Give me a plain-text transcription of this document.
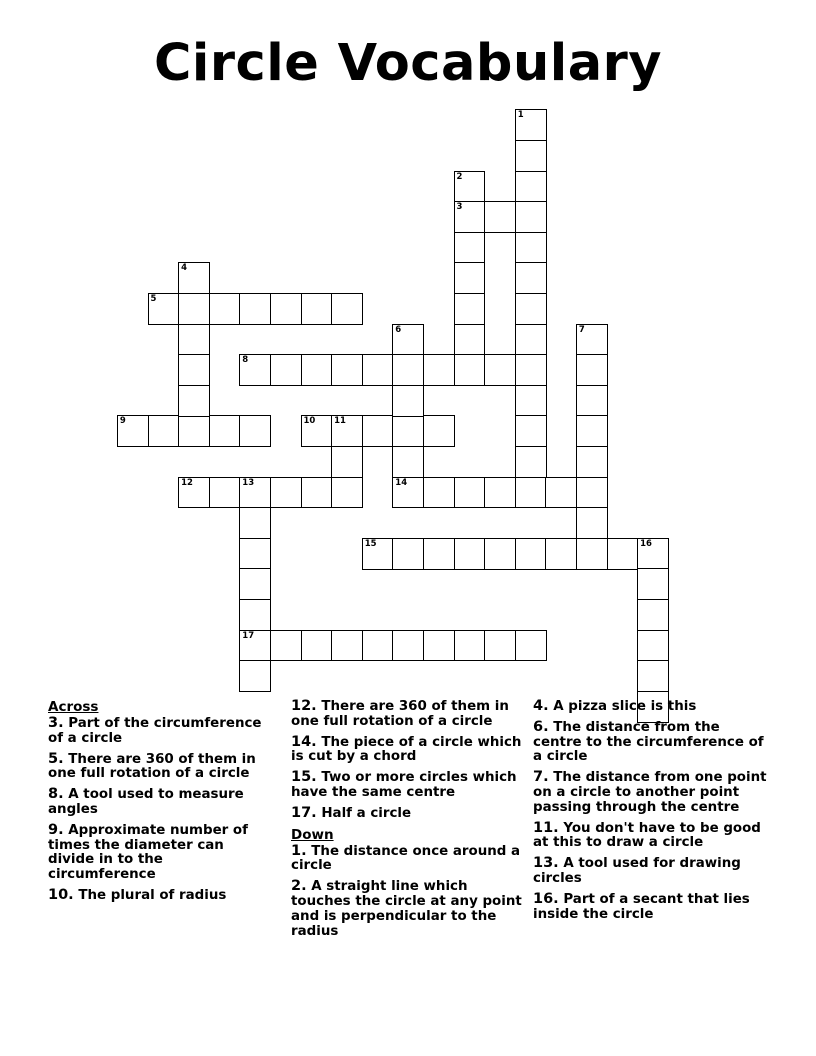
Circle Vocabulary
3
5
8
9	10 11
12	13	14
15	16
17
1
2
4
6	7
Across
3. Part of the circumference of a circle
5. There are 360 of them in one full rotation of a circle
8. A tool used to measure angles
9. Approximate number of times the diameter can divide in to the circumference
10. The plural of radius
12. There are 360 of them in one full rotation of a circle
14. The piece of a circle which is cut by a chord
15. Two or more circles which have the same centre
17. Half a circle
Down
1. The distance once around a circle
2. A straight line which touches the circle at any point and is perpendicular to the radius
4. A pizza slice is this
6. The distance from the centre to the circumference of a circle
7. The distance from one point on a circle to another point passing through the centre
11. You don't have to be good at this to draw a circle
13. A tool used for drawing circles
16. Part of a secant that lies inside the circle
